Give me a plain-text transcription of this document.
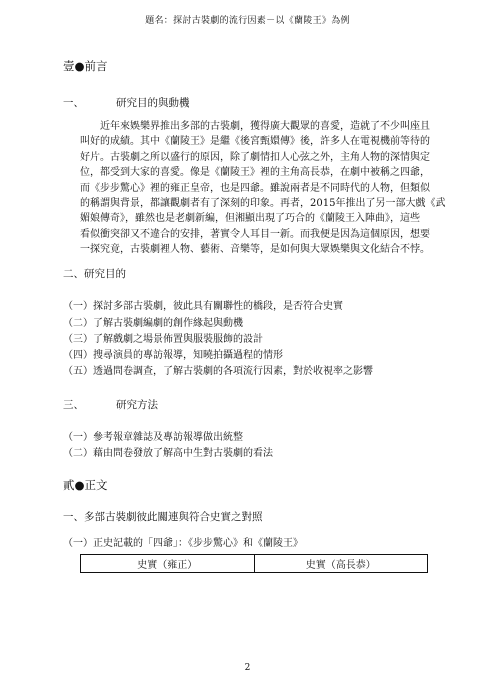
題名：探討古裝劇的流行因素－以《蘭陵王》為例
壹●前言
一、	研究目的與動機
近年來娛樂界推出多部的古裝劇，獲得廣大觀眾的喜愛，造就了不少叫座且
叫好的成績。其中《蘭陵王》是繼《後宮甄嬛傳》後，許多人在電視機前等待的
好片。古裝劇之所以盛行的原因，除了劇情扣人心弦之外，主角人物的深情與定
位，都受到大家的喜愛。像是《蘭陵王》裡的主角高長恭，在劇中被稱之四爺，
而《步步驚心》裡的雍正皇帝，也是四爺。雖說兩者是不同時代的人物，但類似
的稱謂與背景，都讓觀劇者有了深刻的印象。再者，2015年推出了另一部大戲《武
媚娘傳奇》，雖然也是老劇新編，但湘顯出現了巧合的《蘭陵王入陣曲》，這些
看似衝突卻又不違合的安排，著實令人耳目一新。而我便是因為這個原因，想要
一探究竟，古裝劇裡人物、藝術、音樂等，是如何與大眾娛樂與文化結合不悖。
二、研究目的
（一）探討多部古裝劇，彼此具有關聯性的橋段，是否符合史實
（二）了解古裝劇編劇的創作緣起與動機
（三）了解戲劇之場景佈置與服裝服飾的設計
（四）搜尋演員的專訪報導，知曉拍攝過程的情形
（五）透過問卷調查，了解古裝劇的各項流行因素，對於收視率之影響
三、	研究方法
（一）參考報章雜誌及專訪報導做出統整
（二）藉由問卷發放了解高中生對古裝劇的看法
貳●正文
一、多部古裝劇彼此關連與符合史實之對照
（一）正史記載的「四爺」：《步步驚心》和《蘭陵王》
史實（雍正）	史實（高長恭）
2
